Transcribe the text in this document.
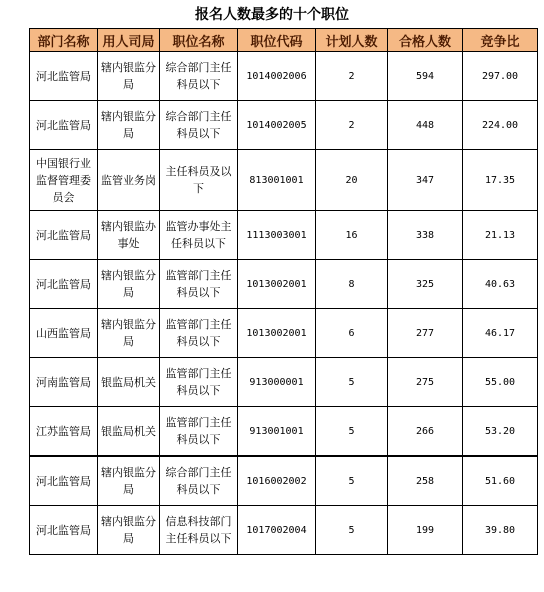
报名人数最多的十个职位
部门名称	用人司局	职位名称	职位代码	计划人数	合格人数	竞争比
河北监管局	辖内银监分局	综合部门主任科员以下	1014002006	2	594	297.00
河北监管局	辖内银监分局	综合部门主任科员以下	1014002005	2	448	224.00
中国银行业监督管理委员会	监管业务岗	主任科员及以下	813001001	20	347	17.35
河北监管局	辖内银监办事处	监管办事处主任科员以下	1113003001	16	338	21.13
河北监管局	辖内银监分局	监管部门主任科员以下	1013002001	8	325	40.63
山西监管局	辖内银监分局	监管部门主任科员以下	1013002001	6	277	46.17
河南监管局	银监局机关	监管部门主任科员以下	913000001	5	275	55.00
江苏监管局	银监局机关	监管部门主任科员以下	913001001	5	266	53.20
河北监管局	辖内银监分局	综合部门主任科员以下	1016002002	5	258	51.60
河北监管局	辖内银监分局	信息科技部门主任科员以下	1017002004	5	199	39.80
